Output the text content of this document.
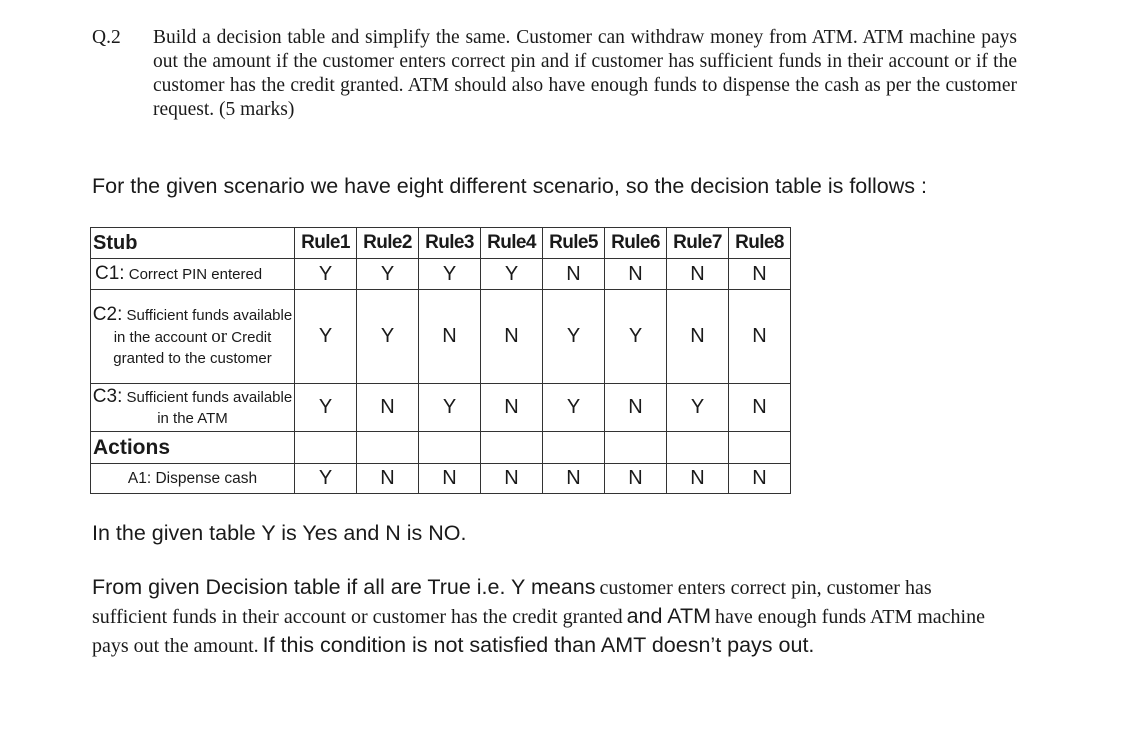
Q.2	Build a decision table and simplify the same. Customer can withdraw money from ATM. ATM machine pays out the amount if the customer enters correct pin and if customer has sufficient funds in their account or if the customer has the credit granted. ATM should also have enough funds to dispense the cash as per the customer request. (5 marks)
For the given scenario we have eight different scenario, so the decision table is follows :
Stub	Rule1	Rule2	Rule3	Rule4	Rule5	Rule6	Rule7	Rule8
C1: Correct PIN entered	Y	Y	Y	Y	N	N	N	N
C2: Sufficient funds available in the account or Credit granted to the customer	Y	Y	N	N	Y	Y	N	N
C3: Sufficient funds available in the ATM	Y	N	Y	N	Y	N	Y	N
Actions								
A1: Dispense cash	Y	N	N	N	N	N	N	N
In the given table Y is Yes and N is NO.
From given Decision table if all are True i.e. Y means customer enters correct pin, customer has sufficient funds in their account or customer has the credit granted and ATM have enough funds ATM machine pays out the amount. If this condition is not satisfied than AMT doesn’t pays out.
